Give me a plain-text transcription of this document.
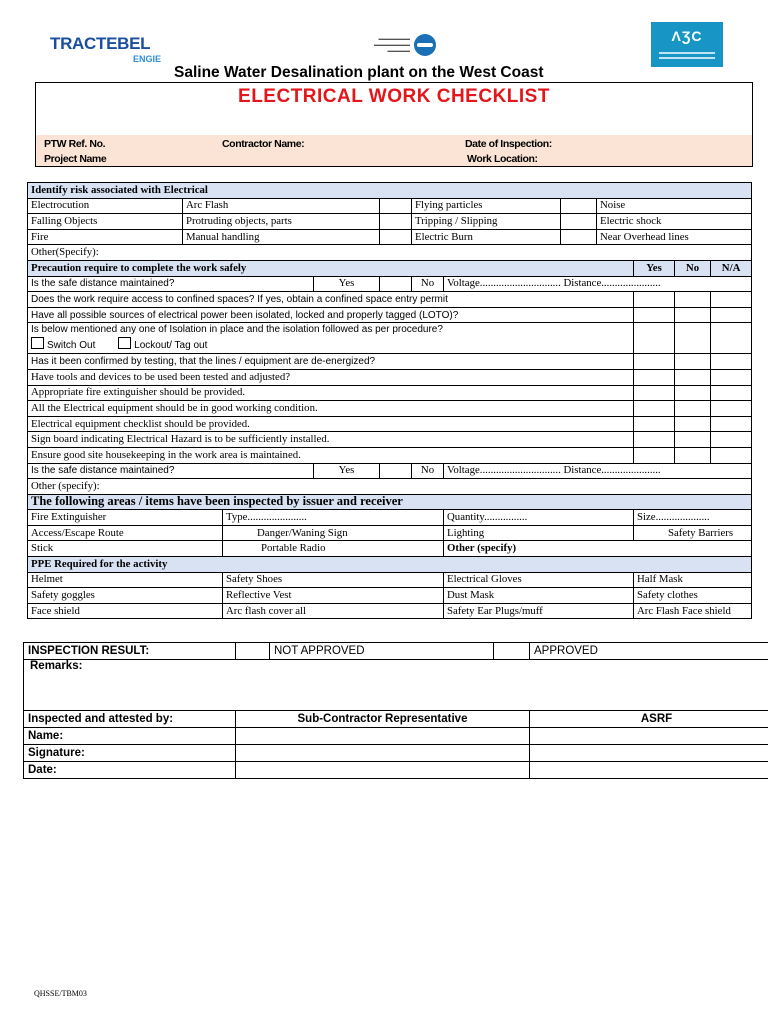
TRACTEBEL
ENGIE
▬▬▬▬▬▬▬
▬▬▬▬▬▬▬▬
▬▬▬▬▬
ΛƷC
Saline Water Desalination plant on the West Coast
ELECTRICAL WORK CHECKLIST
PTW Ref. No.
Project Name
Contractor Name:	Date of Inspection:
Work Location:
Identify risk associated with Electrical											
Electrocution	Arc Flash				Flying particles			Noise			
Falling Objects	Protruding objects, parts				Tripping / Slipping			Electric shock			
Fire	Manual handling				Electric Burn			Near Overhead lines			
Other(Specify):											
Precaution require to complete the work safely									Yes	No	N/A
Is the safe distance maintained?			Yes		No	Voltage.............................. Distance......................					
Does the work require access to confined spaces? If yes, obtain a confined space entry permit											
Have all possible sources of electrical power been isolated, locked and properly tagged (LOTO)?											

Is below mentioned any one of Isolation in place and the isolation followed as per procedure?
Switch Out Lockout/ Tag out											

Has it been confirmed by testing, that the lines / equipment are de-energized?											
Have tools and devices to be used been tested and adjusted?											
Appropriate fire extinguisher should be provided.											
All the Electrical equipment should be in good working condition.											
Electrical equipment checklist should be provided.											
Sign board indicating Electrical Hazard is to be sufficiently installed.											
Ensure good site housekeeping in the work area is maintained.											
Is the safe distance maintained?			Yes		No	Voltage.............................. Distance......................					
Other (specify):											
The following areas / items have been inspected by issuer and receiver											
Fire Extinguisher		Type......................				Quantity................			Size....................		
Access/Escape Route		Danger/Waning Sign				Lighting			Safety Barriers		
Stick		Portable Radio				Other (specify)					
PPE Required for the activity											
Helmet		Safety Shoes				Electrical Gloves			Half Mask		
Safety goggles		Reflective Vest				Dust Mask			Safety clothes		
Face shield		Arc flash cover all				Safety Ear Plugs/muff			Arc Flash Face shield		
INSPECTION RESULT:		NOT APPROVED		APPROVED
Remarks:				
Inspected and attested by:	Sub-Contractor Representative			ASRF
Name:				
Signature:				
Date:				
QHSSE/TBM03
